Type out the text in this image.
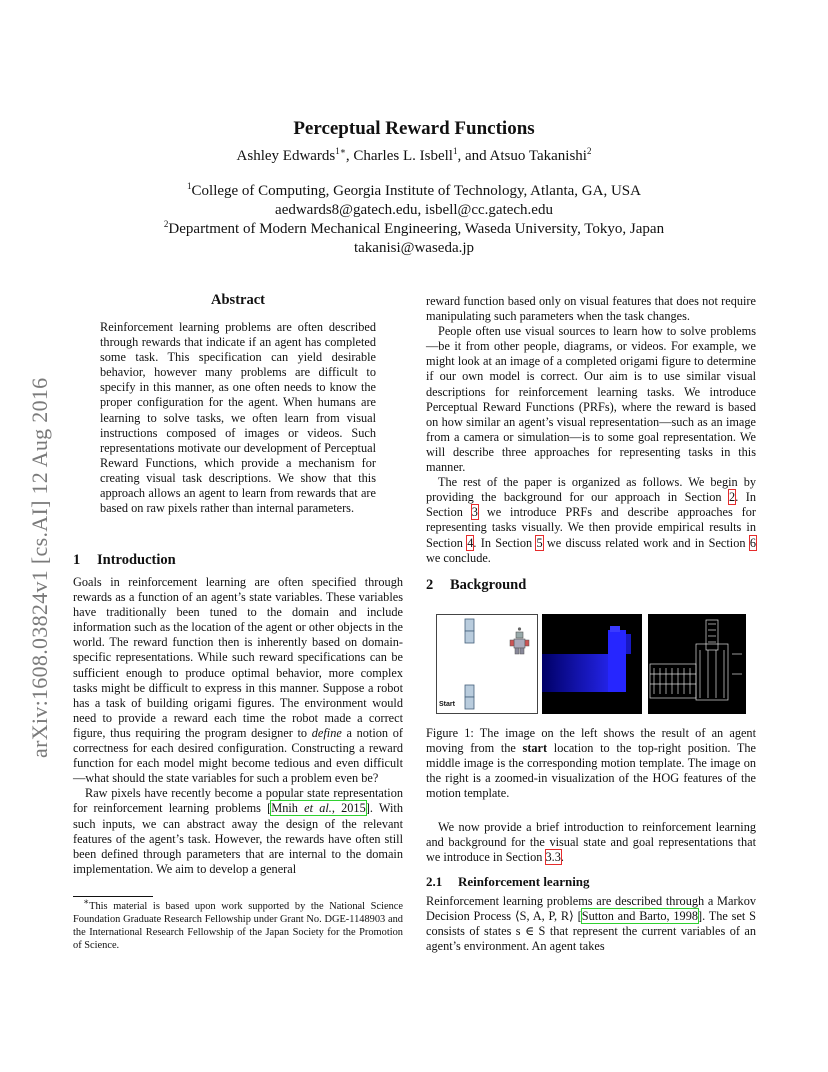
arXiv:1608.03824v1 [cs.AI] 12 Aug 2016
Perceptual Reward Functions
Ashley Edwards$^{1∗}$, Charles L. Isbell$^1$, and Atsuo Takanishi$^2$
$^1$College of Computing, Georgia Institute of Technology, Atlanta, GA, USA
aedwards8@gatech.edu, isbell@cc.gatech.edu
$^2$Department of Modern Mechanical Engineering, Waseda University, Tokyo, Japan
takanisi@waseda.jp
Abstract

Reinforcement learning problems are often described through rewards that indicate if an agent has completed some task. This specification can yield desirable behavior, however many problems are difficult to specify in this manner, as one often needs to know the proper configuration for the agent. When humans are learning to solve tasks, we often learn from visual instructions composed of images or videos. Such representations motivate our development of Perceptual Reward Functions, which provide a mechanism for creating visual task descriptions. We show that this approach allows an agent to learn from rewards that are based on raw pixels rather than internal parameters.

1 Introduction

Goals in reinforcement learning are often specified through rewards as a function of an agent’s state variables. These variables have traditionally been tuned to the domain and include information such as the location of the agent or other objects in the world. The reward function then is inherently based on domain-specific representations. While such reward specifications can be sufficient enough to produce optimal behavior, more complex tasks might be difficult to express in this manner. Suppose a robot has a task of building origami figures. The environment would need to provide a reward each time the robot made a correct figure, thus requiring the program designer to define a notion of correctness for each desired configuration. Constructing a reward function for each model might become tedious and even difficult—what should the state variables for such a problem even be?

Raw pixels have recently become a popular state representation for reinforcement learning problems [Mnih et al., 2015]. With such inputs, we can abstract away the design of the relevant features of the agent’s task. However, the rewards have often still been defined through parameters that are internal to the domain implementation. We aim to develop a general

∗This material is based upon work supported by the National Science Foundation Graduate Research Fellowship under Grant No. DGE-1148903 and the International Research Fellowship of the Japan Society for the Promotion of Science.

reward function based only on visual features that does not require manipulating such parameters when the task changes.

People often use visual sources to learn how to solve problems—be it from other people, diagrams, or videos. For example, we might look at an image of a completed origami figure to determine if our own model is correct. Our aim is to use similar visual descriptions for reinforcement learning tasks. We introduce Perceptual Reward Functions (PRFs), where the reward is based on how similar an agent’s visual representation—such as an image from a camera or simulation—is to some goal representation. We will describe three approaches for representing tasks in this manner.

The rest of the paper is organized as follows. We begin by providing the background for our approach in Section 2. In Section 3 we introduce PRFs and describe approaches for representing tasks visually. We then provide empirical results in Section 4. In Section 5 we discuss related work and in Section 6 we conclude.

2 Background
Start

Figure 1: The image on the left shows the result of an agent moving from the start location to the top-right position. The middle image is the corresponding motion template. The image on the right is a zoomed-in visualization of the HOG features of the motion template.

We now provide a brief introduction to reinforcement learning and background for the visual state and goal representations that we introduce in Section 3.3.

2.1 Reinforcement learning

Reinforcement learning problems are described through a Markov Decision Process ⟨S, A, P, R⟩ [Sutton and Barto, 1998]. The set S consists of states s ∈ S that represent the current variables of an agent’s environment. An agent takes
